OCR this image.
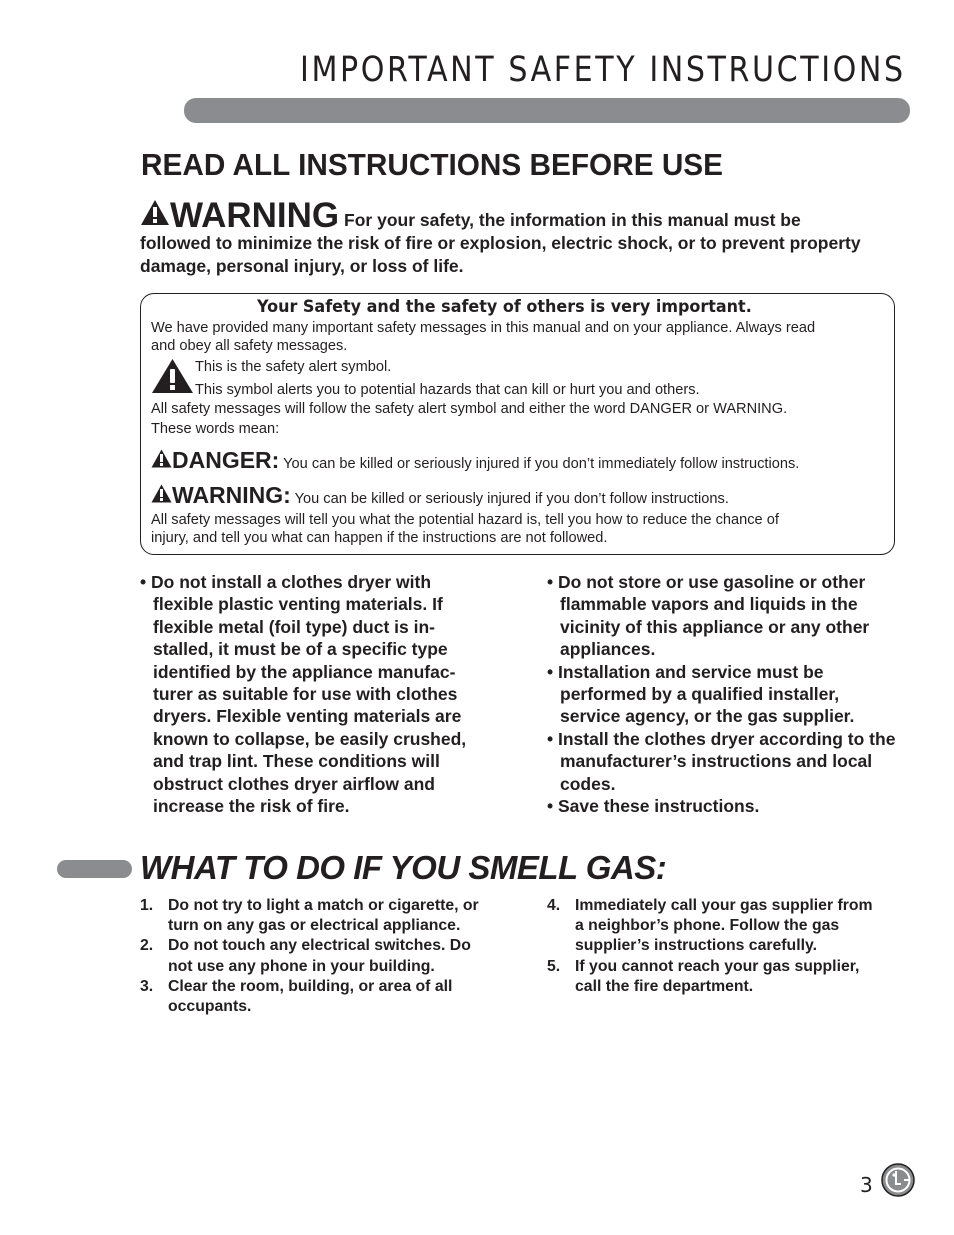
IMPORTANT SAFETY INSTRUCTIONS
READ ALL INSTRUCTIONS BEFORE USE
WARNING For your safety, the information in this manual must be followed to minimize the risk of fire or explosion, electric shock, or to prevent property damage, personal injury, or loss of life.
Your Safety and the safety of others is very important.
We have provided many important safety messages in this manual and on your appliance. Always read
and obey all safety messages.
This is the safety alert symbol.
This symbol alerts you to potential hazards that can kill or hurt you and others.
All safety messages will follow the safety alert symbol and either the word DANGER or WARNING.
These words mean:
DANGER: You can be killed or seriously injured if you don’t immediately follow instructions.
WARNING: You can be killed or seriously injured if you don’t follow instructions.
All safety messages will tell you what the potential hazard is, tell you how to reduce the chance of
injury, and tell you what can happen if the instructions are not followed.

• Do not install a clothes dryer with flexible plastic venting materials. If flexible metal (foil type) duct is in-stalled, it must be of a specific type identified by the appliance manufac-turer as suitable for use with clothes dryers. Flexible venting materials are known to collapse, be easily crushed, and trap lint. These conditions will obstruct clothes dryer airflow and increase the risk of fire.

• Do not store or use gasoline or other flammable vapors and liquids in the vicinity of this appliance or any other appliances.

• Installation and service must be performed by a qualified installer, service agency, or the gas supplier.

• Install the clothes dryer according to the manufacturer’s instructions and local codes.

• Save these instructions.

WHAT TO DO IF YOU SMELL GAS:
1. Do not try to light a match or cigarette, or turn on any gas or electrical appliance.
2. Do not touch any electrical switches. Do not use any phone in your building.
3. Clear the room, building, or area of all occupants.
4. Immediately call your gas supplier from a neighbor’s phone. Follow the gas supplier’s instructions carefully.
5. If you cannot reach your gas supplier, call the fire department.
3
